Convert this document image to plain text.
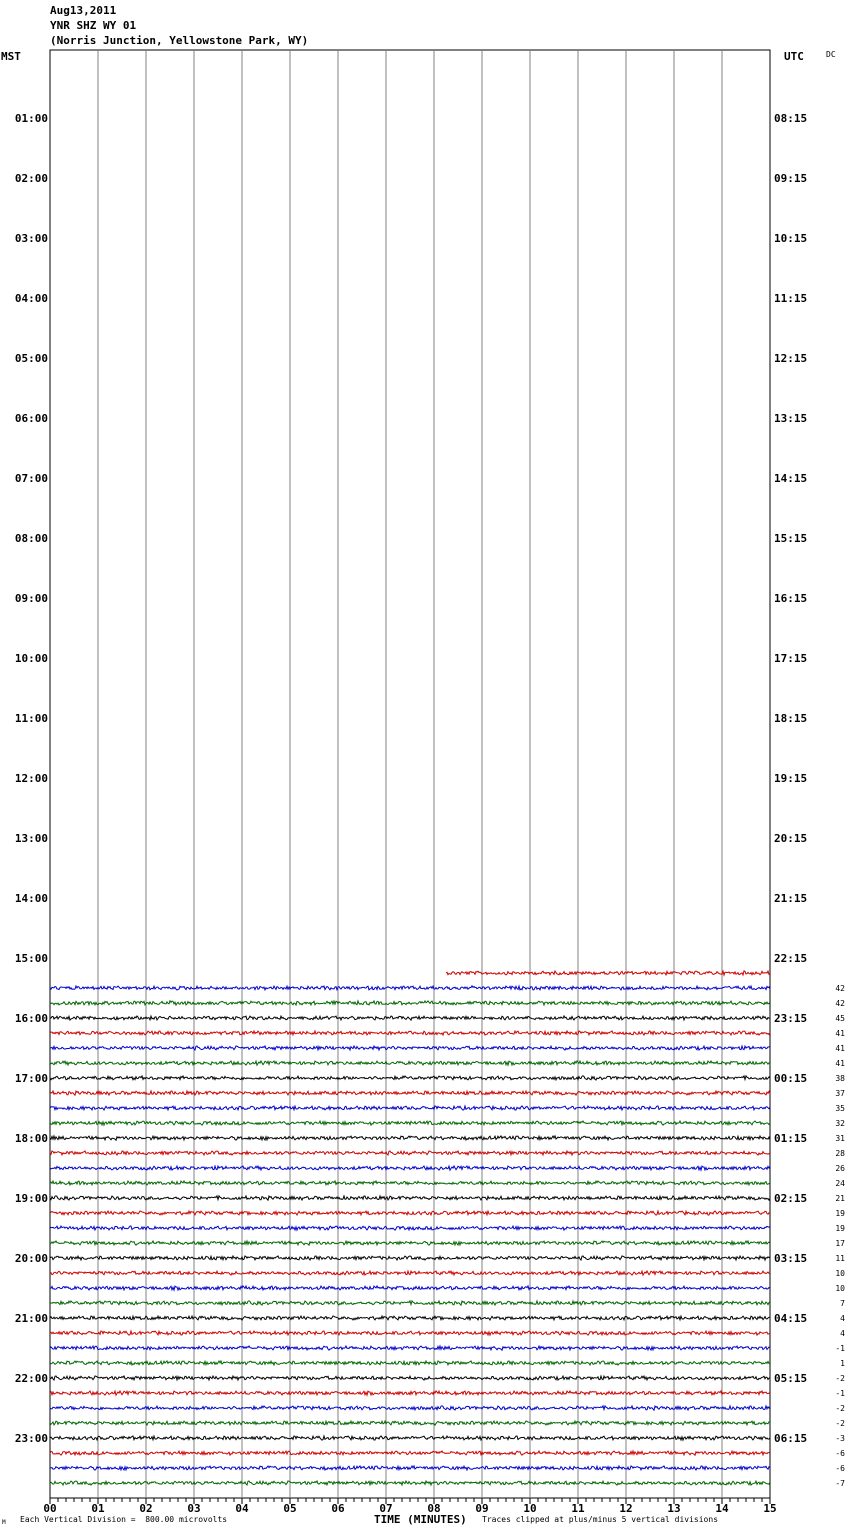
Aug13,2011
YNR SHZ WY 01
(Norris Junction, Yellowstone Park, WY)
MST	UTC	DC
01:00
02:00
03:00
04:00
05:00
06:00
07:00
08:00
09:00
10:00
11:00
12:00
13:00
14:00
15:00
16:00
17:00
18:00
19:00
20:00
21:00
22:00
23:00
08:15
09:15
10:15
11:15
12:15
13:15
14:15
15:15
16:15
17:15
18:15
19:15
20:15
21:15
22:15
23:15
00:15
01:15
02:15
03:15
04:15
05:15
06:15
42
42
45
41
41
41
38
37
35
32
31
28
26
24
21
19
19
17
11
10
10
7
4
4
-1
1
-2
-1
-2
-2
-3
-6
-6
-7
00	01	02	03	04	05	06	07	08	09	10	11	12	13	14	15
Each Vertical Division =  800.00 microvolts
M	TIME (MINUTES) Traces clipped at plus/minus 5 vertical divisions
